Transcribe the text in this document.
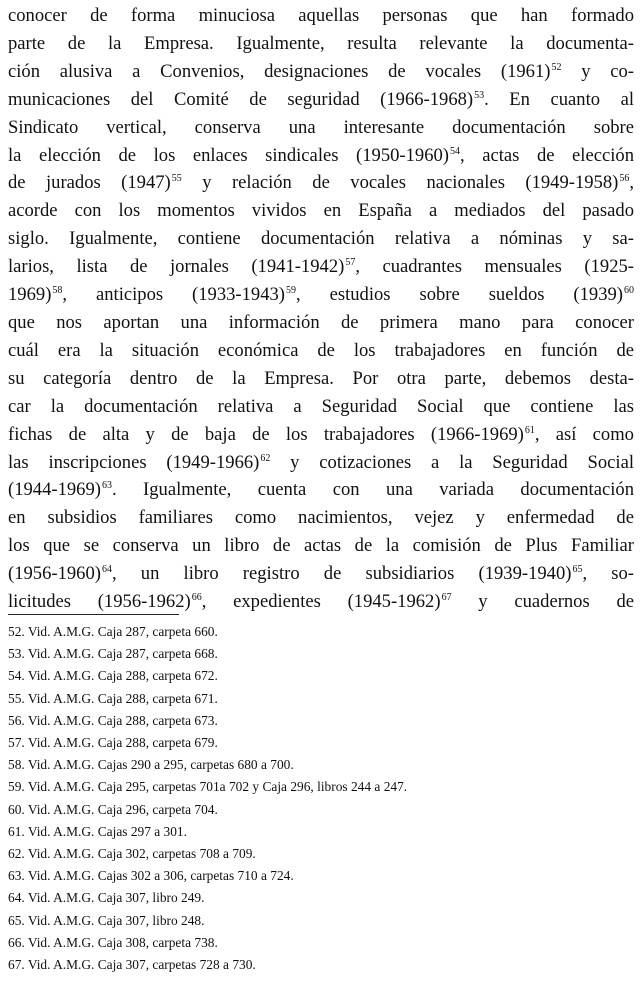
conocer de forma minuciosa aquellas personas que han formado
parte de la Empresa. Igualmente, resulta relevante la documenta-
ción alusiva a Convenios, designaciones de vocales $(1961)^{52}$ y co-
municaciones del Comité de seguridad (1966-1968)$^{53}$. En cuanto al
Sindicato vertical, conserva una interesante documentación sobre
la elección de los enlaces sindicales (1950-1960)$^{54}$, actas de elección
de jurados $(1947)^{55}$ y relación de vocales nacionales (1949-1958)$^{56}$,
acorde con los momentos vividos en España a mediados del pasado
siglo. Igualmente, contiene documentación relativa a nóminas y sa-
larios, lista de jornales (1941-1942)$^{57}$, cuadrantes mensuales (1925-
1969)$^{58}$, anticipos (1933-1943)$^{59}$, estudios sobre sueldos $(1939)^{60}$
que nos aportan una información de primera mano para conocer
cuál era la situación económica de los trabajadores en función de
su categoría dentro de la Empresa. Por otra parte, debemos desta-
car la documentación relativa a Seguridad Social que contiene las
fichas de alta y de baja de los trabajadores (1966-1969)$^{61}$, así como
las inscripciones (1949-1966)$^{62}$ y cotizaciones a la Seguridad Social
(1944-1969)$^{63}$. Igualmente, cuenta con una variada documentación
en subsidios familiares como nacimientos, vejez y enfermedad de
los que se conserva un libro de actas de la comisión de Plus Familiar
(1956-1960)$^{64}$, un libro registro de subsidiarios (1939-1940)$^{65}$, so-
licitudes (1956-1962)$^{66}$, expedientes (1945-1962)$^{67}$ y cuadernos de
52. Vid. A.M.G. Caja 287, carpeta 660.
53. Vid. A.M.G. Caja 287, carpeta 668.
54. Vid. A.M.G. Caja 288, carpeta 672.
55. Vid. A.M.G. Caja 288, carpeta 671.
56. Vid. A.M.G. Caja 288, carpeta 673.
57. Vid. A.M.G. Caja 288, carpeta 679.
58. Vid. A.M.G. Cajas 290 a 295, carpetas 680 a 700.
59. Vid. A.M.G. Caja 295, carpetas 701a 702 y Caja 296, libros 244 a 247.
60. Vid. A.M.G. Caja 296, carpeta 704.
61. Vid. A.M.G. Cajas 297 a 301.
62. Vid. A.M.G. Caja 302, carpetas 708 a 709.
63. Vid. A.M.G. Cajas 302 a 306, carpetas 710 a 724.
64. Vid. A.M.G. Caja 307, libro 249.
65. Vid. A.M.G. Caja 307, libro 248.
66. Vid. A.M.G. Caja 308, carpeta 738.
67. Vid. A.M.G. Caja 307, carpetas 728 a 730.
